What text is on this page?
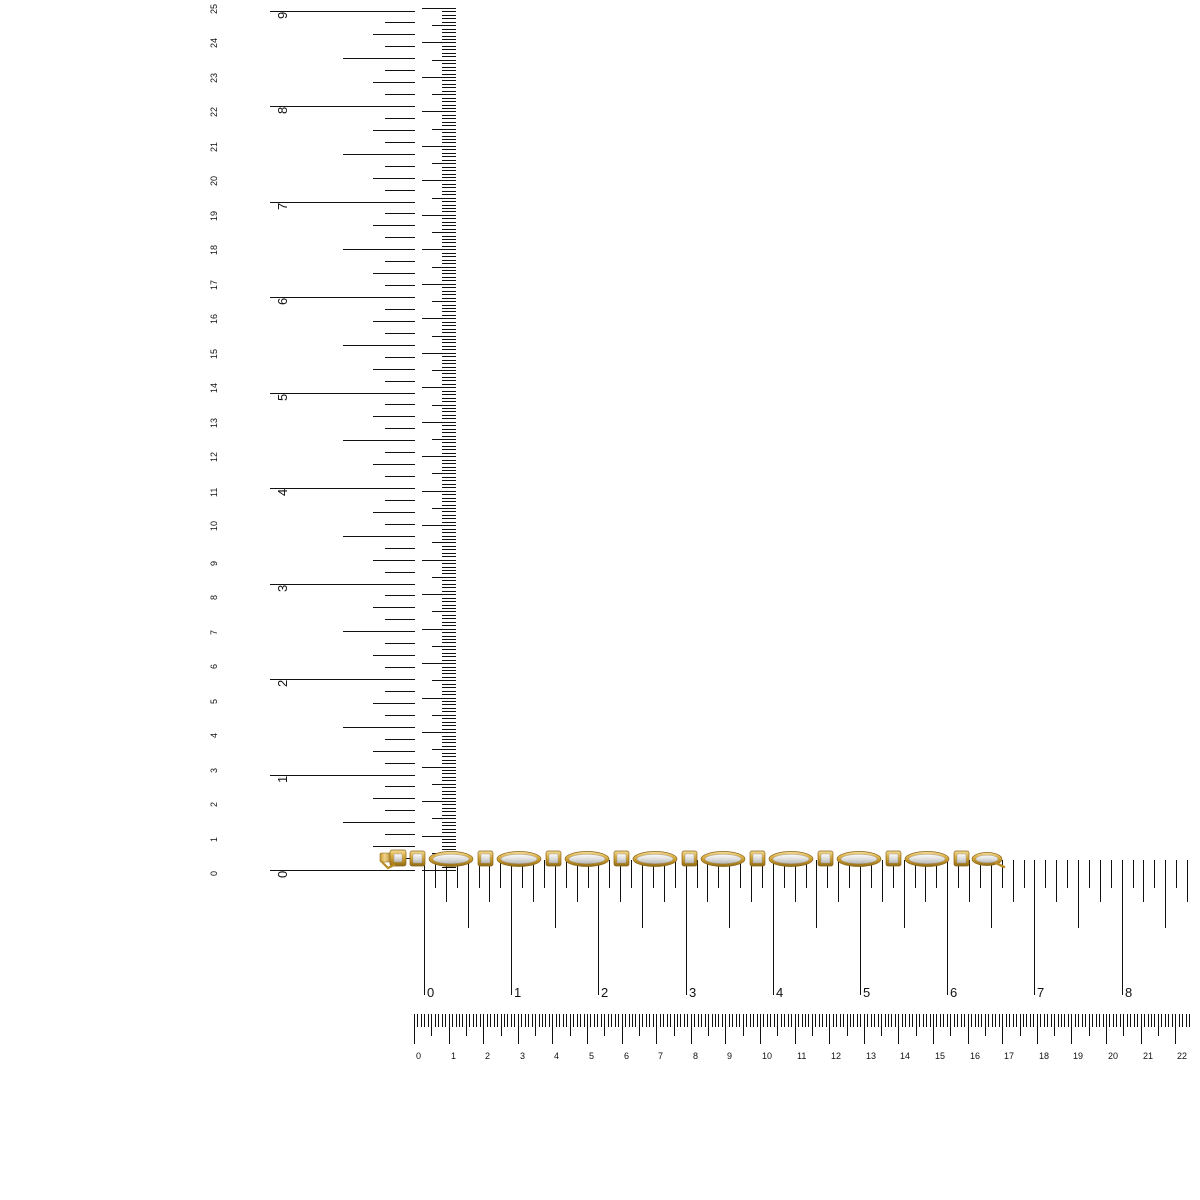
0
1
2
3
4
5
6
7
8
9
10
11
12
13
14
15
16
17
18
19
20
21
22
23
24
25
0
1
2
3
4
5
6
7
8
9
0	1	2	3	4	5	6	7	8
0	1	2	3	4	5	6	7	8	9	10	11	12	13	14	15	16	17	18	19	20	21	22
